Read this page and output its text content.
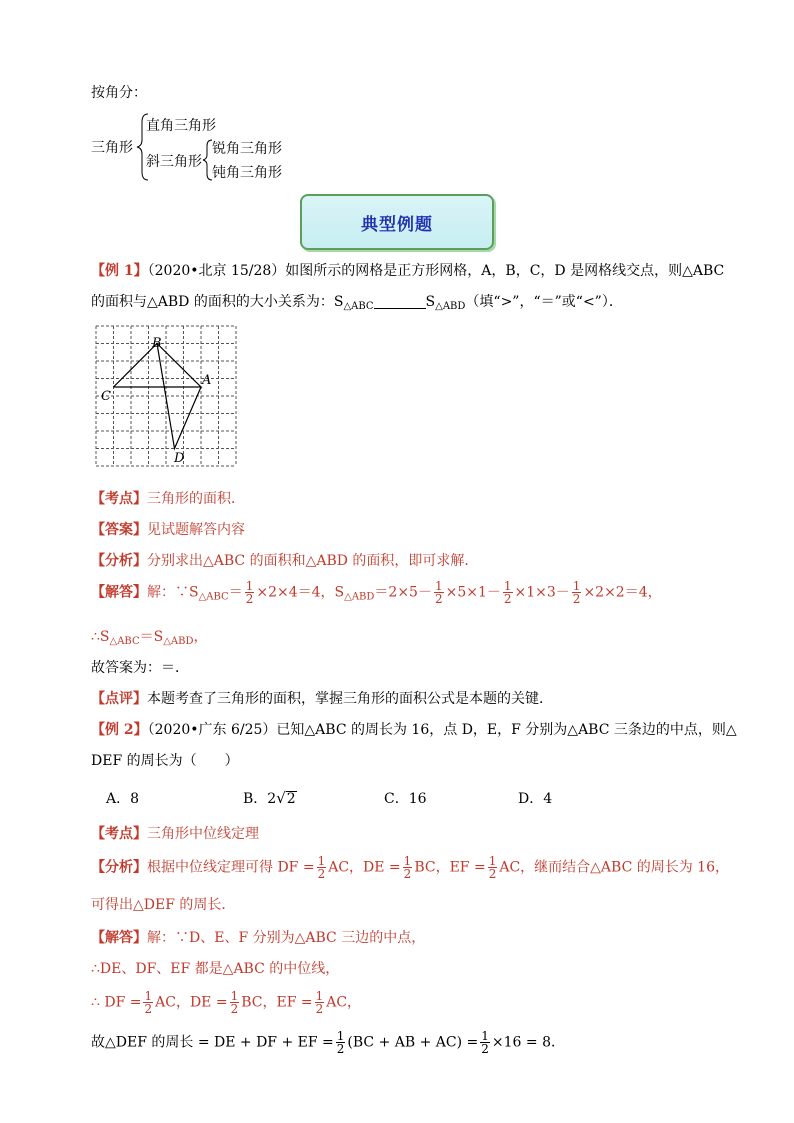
按角分：
三角形
直角三角形
斜三角形
锐角三角形
钝角三角形
典型例题
【例 1】（2020•北京 15/28）如图所示的网格是正方形网格，A，B，C，D 是网格线交点，则△ABC
的面积与△ABD 的面积的大小关系为：$S_{\triangle ABC}$	$S_{\triangle ABD}$（填“>”，“＝”或“<”）．
B
A
C
D
【考点】三角形的面积．
【答案】见试题解答内容
【分析】分别求出△ABC 的面积和△ABD 的面积，即可求解．
【解答】解：$\because S_{\triangle ABC}= \frac{1}{2} \times 2\times 4=4$，$S_{\triangle ABD}=2\times 5- \frac{1}{2} \times 5\times 1- \frac{1}{2} \times 1\times 3- \frac{1}{2} \times 2\times 2=4$，
$\therefore S_{\triangle ABC}=S_{\triangle ABD}$，
故答案为：＝．
【点评】本题考查了三角形的面积，掌握三角形的面积公式是本题的关键．
【例 2】（2020•广东 6/25）已知△ABC 的周长为 16，点 D，E，F 分别为△ABC 三条边的中点，则△
DEF 的周长为（　　）
A．8	B．2√2	C．16	D．4
【考点】三角形中位线定理
【分析】根据中位线定理可得 DF = $\frac{1}{2}$ AC，DE = $\frac{1}{2}$ BC，EF = $\frac{1}{2}$ AC，继而结合△ABC 的周长为 16，
可得出△DEF 的周长．
【解答】解：∵D、E、F 分别为△ABC 三边的中点，
∴DE、DF、EF 都是△ABC 的中位线，
∴ DF = $\frac{1}{2}$ AC，DE = $\frac{1}{2}$ BC，EF = $\frac{1}{2}$ AC，
故△DEF 的周长 = DE + DF + EF = $\frac{1}{2} (BC$ + AB + $AC) = \frac{1}{2} \times 16 = 8$．
